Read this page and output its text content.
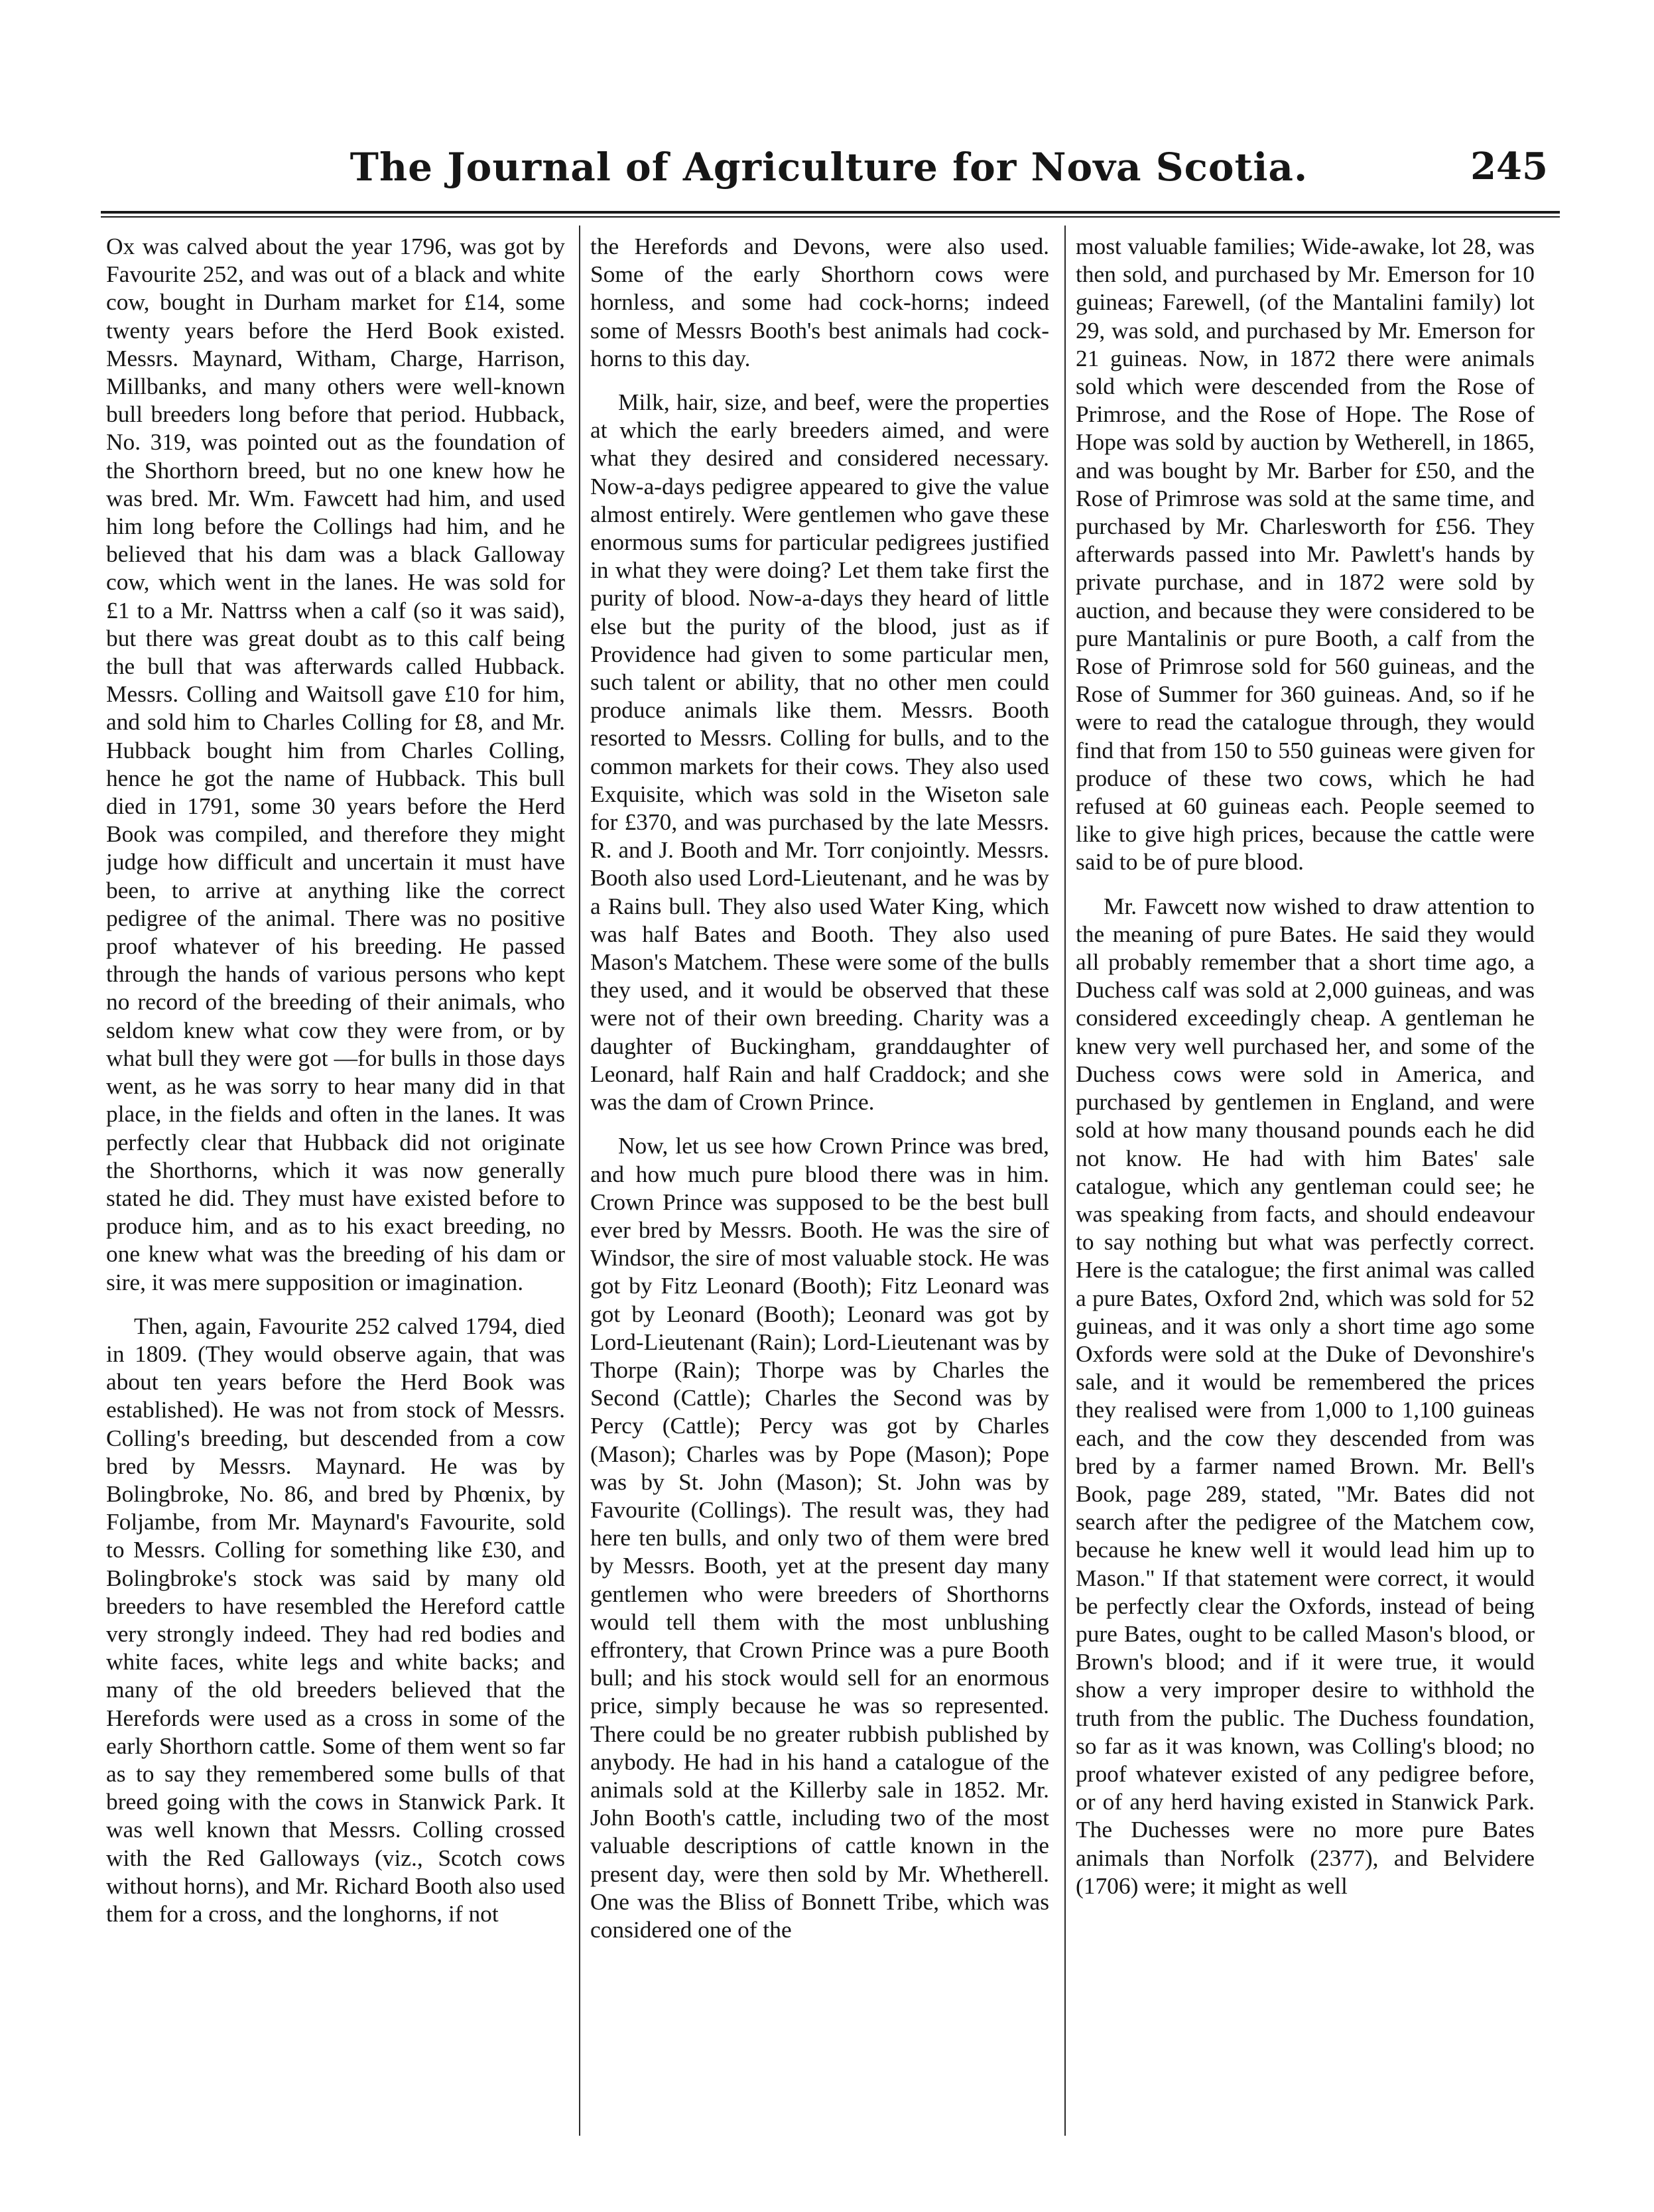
The Journal of Agriculture for Nova Scotia.	245

Ox was calved about the year 1796, was got by Favourite 252, and was out of a black and white cow, bought in Durham market for £14, some twenty years before the Herd Book existed. Messrs. Maynard, Witham, Charge, Harrison, Millbanks, and many others were well-known bull breeders long before that period. Hubback, No. 319, was pointed out as the foundation of the Shorthorn breed, but no one knew how he was bred. Mr. Wm. Fawcett had him, and used him long before the Collings had him, and he believed that his dam was a black Galloway cow, which went in the lanes. He was sold for £1 to a Mr. Nattrss when a calf (so it was said), but there was great doubt as to this calf being the bull that was afterwards called Hubback. Messrs. Colling and Waitsoll gave £10 for him, and sold him to Charles Colling for £8, and Mr. Hubback bought him from Charles Colling, hence he got the name of Hubback. This bull died in 1791, some 30 years before the Herd Book was compiled, and therefore they might judge how difficult and uncertain it must have been, to arrive at anything like the correct pedigree of the animal. There was no positive proof whatever of his breeding. He passed through the hands of various persons who kept no record of the breeding of their animals, who seldom knew what cow they were from, or by what bull they were got —for bulls in those days went, as he was sorry to hear many did in that place, in the fields and often in the lanes. It was perfectly clear that Hubback did not originate the Shorthorns, which it was now generally stated he did. They must have existed before to produce him, and as to his exact breeding, no one knew what was the breeding of his dam or sire, it was mere supposition or imagination.

Then, again, Favourite 252 calved 1794, died in 1809. (They would observe again, that was about ten years before the Herd Book was established). He was not from stock of Messrs. Colling's breeding, but descended from a cow bred by Messrs. Maynard. He was by Bolingbroke, No. 86, and bred by Phœnix, by Foljambe, from Mr. Maynard's Favourite, sold to Messrs. Colling for something like £30, and Bolingbroke's stock was said by many old breeders to have resembled the Hereford cattle very strongly indeed. They had red bodies and white faces, white legs and white backs; and many of the old breeders believed that the Herefords were used as a cross in some of the early Shorthorn cattle. Some of them went so far as to say they remembered some bulls of that breed going with the cows in Stanwick Park. It was well known that Messrs. Colling crossed with the Red Galloways (viz., Scotch cows without horns), and Mr. Richard Booth also used them for a cross, and the longhorns, if not

the Herefords and Devons, were also used. Some of the early Shorthorn cows were hornless, and some had cock-horns; indeed some of Messrs Booth's best animals had cock-horns to this day.

Milk, hair, size, and beef, were the properties at which the early breeders aimed, and were what they desired and considered necessary. Now-a-days pedigree appeared to give the value almost entirely. Were gentlemen who gave these enormous sums for particular pedigrees justified in what they were doing? Let them take first the purity of blood. Now-a-days they heard of little else but the purity of the blood, just as if Providence had given to some particular men, such talent or ability, that no other men could produce animals like them. Messrs. Booth resorted to Messrs. Colling for bulls, and to the common markets for their cows. They also used Exquisite, which was sold in the Wiseton sale for £370, and was purchased by the late Messrs. R. and J. Booth and Mr. Torr conjointly. Messrs. Booth also used Lord-Lieutenant, and he was by a Rains bull. They also used Water King, which was half Bates and Booth. They also used Mason's Matchem. These were some of the bulls they used, and it would be observed that these were not of their own breeding. Charity was a daughter of Buckingham, granddaughter of Leonard, half Rain and half Craddock; and she was the dam of Crown Prince.

Now, let us see how Crown Prince was bred, and how much pure blood there was in him. Crown Prince was supposed to be the best bull ever bred by Messrs. Booth. He was the sire of Windsor, the sire of most valuable stock. He was got by Fitz Leonard (Booth); Fitz Leonard was got by Leonard (Booth); Leonard was got by Lord-Lieutenant (Rain); Lord-Lieutenant was by Thorpe (Rain); Thorpe was by Charles the Second (Cattle); Charles the Second was by Percy (Cattle); Percy was got by Charles (Mason); Charles was by Pope (Mason); Pope was by St. John (Mason); St. John was by Favourite (Collings). The result was, they had here ten bulls, and only two of them were bred by Messrs. Booth, yet at the present day many gentlemen who were breeders of Shorthorns would tell them with the most unblushing effrontery, that Crown Prince was a pure Booth bull; and his stock would sell for an enormous price, simply because he was so represented. There could be no greater rubbish published by anybody. He had in his hand a catalogue of the animals sold at the Killerby sale in 1852. Mr. John Booth's cattle, including two of the most valuable descriptions of cattle known in the present day, were then sold by Mr. Whetherell. One was the Bliss of Bonnett Tribe, which was considered one of the

most valuable families; Wide-awake, lot 28, was then sold, and purchased by Mr. Emerson for 10 guineas; Farewell, (of the Mantalini family) lot 29, was sold, and purchased by Mr. Emerson for 21 guineas. Now, in 1872 there were animals sold which were descended from the Rose of Primrose, and the Rose of Hope. The Rose of Hope was sold by auction by Wetherell, in 1865, and was bought by Mr. Barber for £50, and the Rose of Primrose was sold at the same time, and purchased by Mr. Charlesworth for £56. They afterwards passed into Mr. Pawlett's hands by private purchase, and in 1872 were sold by auction, and because they were considered to be pure Mantalinis or pure Booth, a calf from the Rose of Primrose sold for 560 guineas, and the Rose of Summer for 360 guineas. And, so if he were to read the catalogue through, they would find that from 150 to 550 guineas were given for produce of these two cows, which he had refused at 60 guineas each. People seemed to like to give high prices, because the cattle were said to be of pure blood.

Mr. Fawcett now wished to draw attention to the meaning of pure Bates. He said they would all probably remember that a short time ago, a Duchess calf was sold at 2,000 guineas, and was considered exceedingly cheap. A gentleman he knew very well purchased her, and some of the Duchess cows were sold in America, and purchased by gentlemen in England, and were sold at how many thousand pounds each he did not know. He had with him Bates' sale catalogue, which any gentleman could see; he was speaking from facts, and should endeavour to say nothing but what was perfectly correct. Here is the catalogue; the first animal was called a pure Bates, Oxford 2nd, which was sold for 52 guineas, and it was only a short time ago some Oxfords were sold at the Duke of Devonshire's sale, and it would be remembered the prices they realised were from 1,000 to 1,100 guineas each, and the cow they descended from was bred by a farmer named Brown. Mr. Bell's Book, page 289, stated, "Mr. Bates did not search after the pedigree of the Matchem cow, because he knew well it would lead him up to Mason." If that statement were correct, it would be perfectly clear the Oxfords, instead of being pure Bates, ought to be called Mason's blood, or Brown's blood; and if it were true, it would show a very improper desire to withhold the truth from the public. The Duchess foundation, so far as it was known, was Colling's blood; no proof whatever existed of any pedigree before, or of any herd having existed in Stanwick Park. The Duchesses were no more pure Bates animals than Norfolk (2377), and Belvidere (1706) were; it might as well
